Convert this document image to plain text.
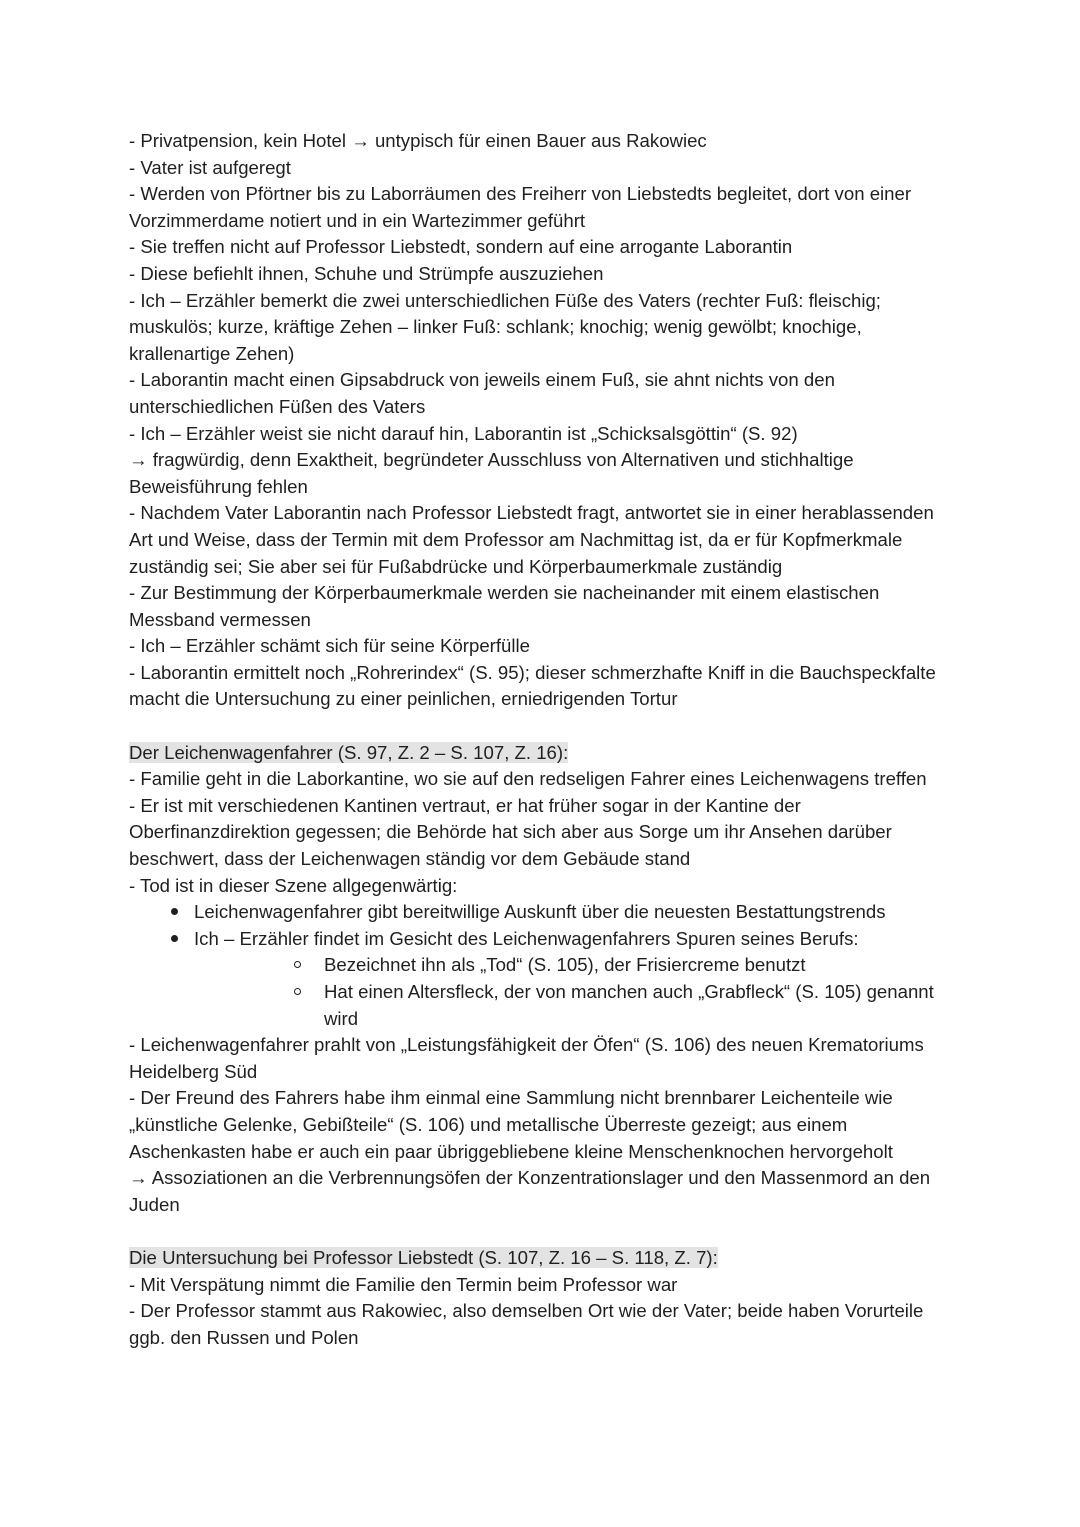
- Privatpension, kein Hotel → untypisch für einen Bauer aus Rakowiec
- Vater ist aufgeregt
- Werden von Pförtner bis zu Laborräumen des Freiherr von Liebstedts begleitet, dort von einer Vorzimmerdame notiert und in ein Wartezimmer geführt
- Sie treffen nicht auf Professor Liebstedt, sondern auf eine arrogante Laborantin
- Diese befiehlt ihnen, Schuhe und Strümpfe auszuziehen
- Ich – Erzähler bemerkt die zwei unterschiedlichen Füße des Vaters (rechter Fuß: fleischig; muskulös; kurze, kräftige Zehen – linker Fuß: schlank; knochig; wenig gewölbt; knochige, krallenartige Zehen)
- Laborantin macht einen Gipsabdruck von jeweils einem Fuß, sie ahnt nichts von den unterschiedlichen Füßen des Vaters
- Ich – Erzähler weist sie nicht darauf hin, Laborantin ist „Schicksalsgöttin“ (S. 92)
→ fragwürdig, denn Exaktheit, begründeter Ausschluss von Alternativen und stichhaltige Beweisführung fehlen
- Nachdem Vater Laborantin nach Professor Liebstedt fragt, antwortet sie in einer herablassenden Art und Weise, dass der Termin mit dem Professor am Nachmittag ist, da er für Kopfmerkmale zuständig sei; Sie aber sei für Fußabdrücke und Körperbaumerkmale zuständig
- Zur Bestimmung der Körperbaumerkmale werden sie nacheinander mit einem elastischen Messband vermessen
- Ich – Erzähler schämt sich für seine Körperfülle
- Laborantin ermittelt noch „Rohrerindex“ (S. 95); dieser schmerzhafte Kniff in die Bauchspeckfalte macht die Untersuchung zu einer peinlichen, erniedrigenden Tortur
Der Leichenwagenfahrer (S. 97, Z. 2 – S. 107, Z. 16):
- Familie geht in die Laborkantine, wo sie auf den redseligen Fahrer eines Leichenwagens treffen
- Er ist mit verschiedenen Kantinen vertraut, er hat früher sogar in der Kantine der Oberfinanzdirektion gegessen; die Behörde hat sich aber aus Sorge um ihr Ansehen darüber beschwert, dass der Leichenwagen ständig vor dem Gebäude stand
- Tod ist in dieser Szene allgegenwärtig:
Leichenwagenfahrer gibt bereitwillige Auskunft über die neuesten Bestattungstrends
Ich – Erzähler findet im Gesicht des Leichenwagenfahrers Spuren seines Berufs:
Bezeichnet ihn als „Tod“ (S. 105), der Frisiercreme benutzt
Hat einen Altersfleck, der von manchen auch „Grabfleck“ (S. 105) genannt wird
- Leichenwagenfahrer prahlt von „Leistungsfähigkeit der Öfen“ (S. 106) des neuen Krematoriums Heidelberg Süd
- Der Freund des Fahrers habe ihm einmal eine Sammlung nicht brennbarer Leichenteile wie „künstliche Gelenke, Gebißteile“ (S. 106) und metallische Überreste gezeigt; aus einem Aschenkasten habe er auch ein paar übriggebliebene kleine Menschenknochen hervorgeholt
→ Assoziationen an die Verbrennungsöfen der Konzentrationslager und den Massenmord an den Juden
Die Untersuchung bei Professor Liebstedt (S. 107, Z. 16 – S. 118, Z. 7):
- Mit Verspätung nimmt die Familie den Termin beim Professor war
- Der Professor stammt aus Rakowiec, also demselben Ort wie der Vater; beide haben Vorurteile ggb. den Russen und Polen
